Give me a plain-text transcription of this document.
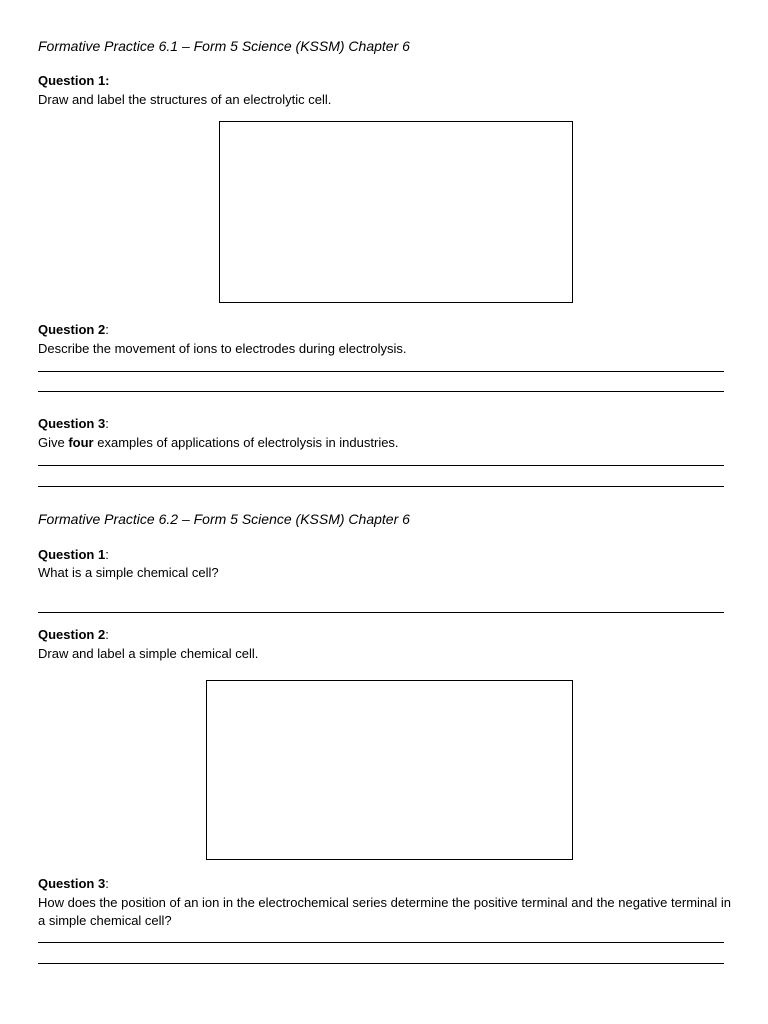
Formative Practice 6.1 – Form 5 Science (KSSM) Chapter 6
Question 1:
Draw and label the structures of an electrolytic cell.
Question 2:
Describe the movement of ions to electrodes during electrolysis.
Question 3:
Give four examples of applications of electrolysis in industries.
Formative Practice 6.2 – Form 5 Science (KSSM) Chapter 6
Question 1:
What is a simple chemical cell?
Question 2:
Draw and label a simple chemical cell.
Question 3:
How does the position of an ion in the electrochemical series determine the positive terminal and the negative terminal in a simple chemical cell?
